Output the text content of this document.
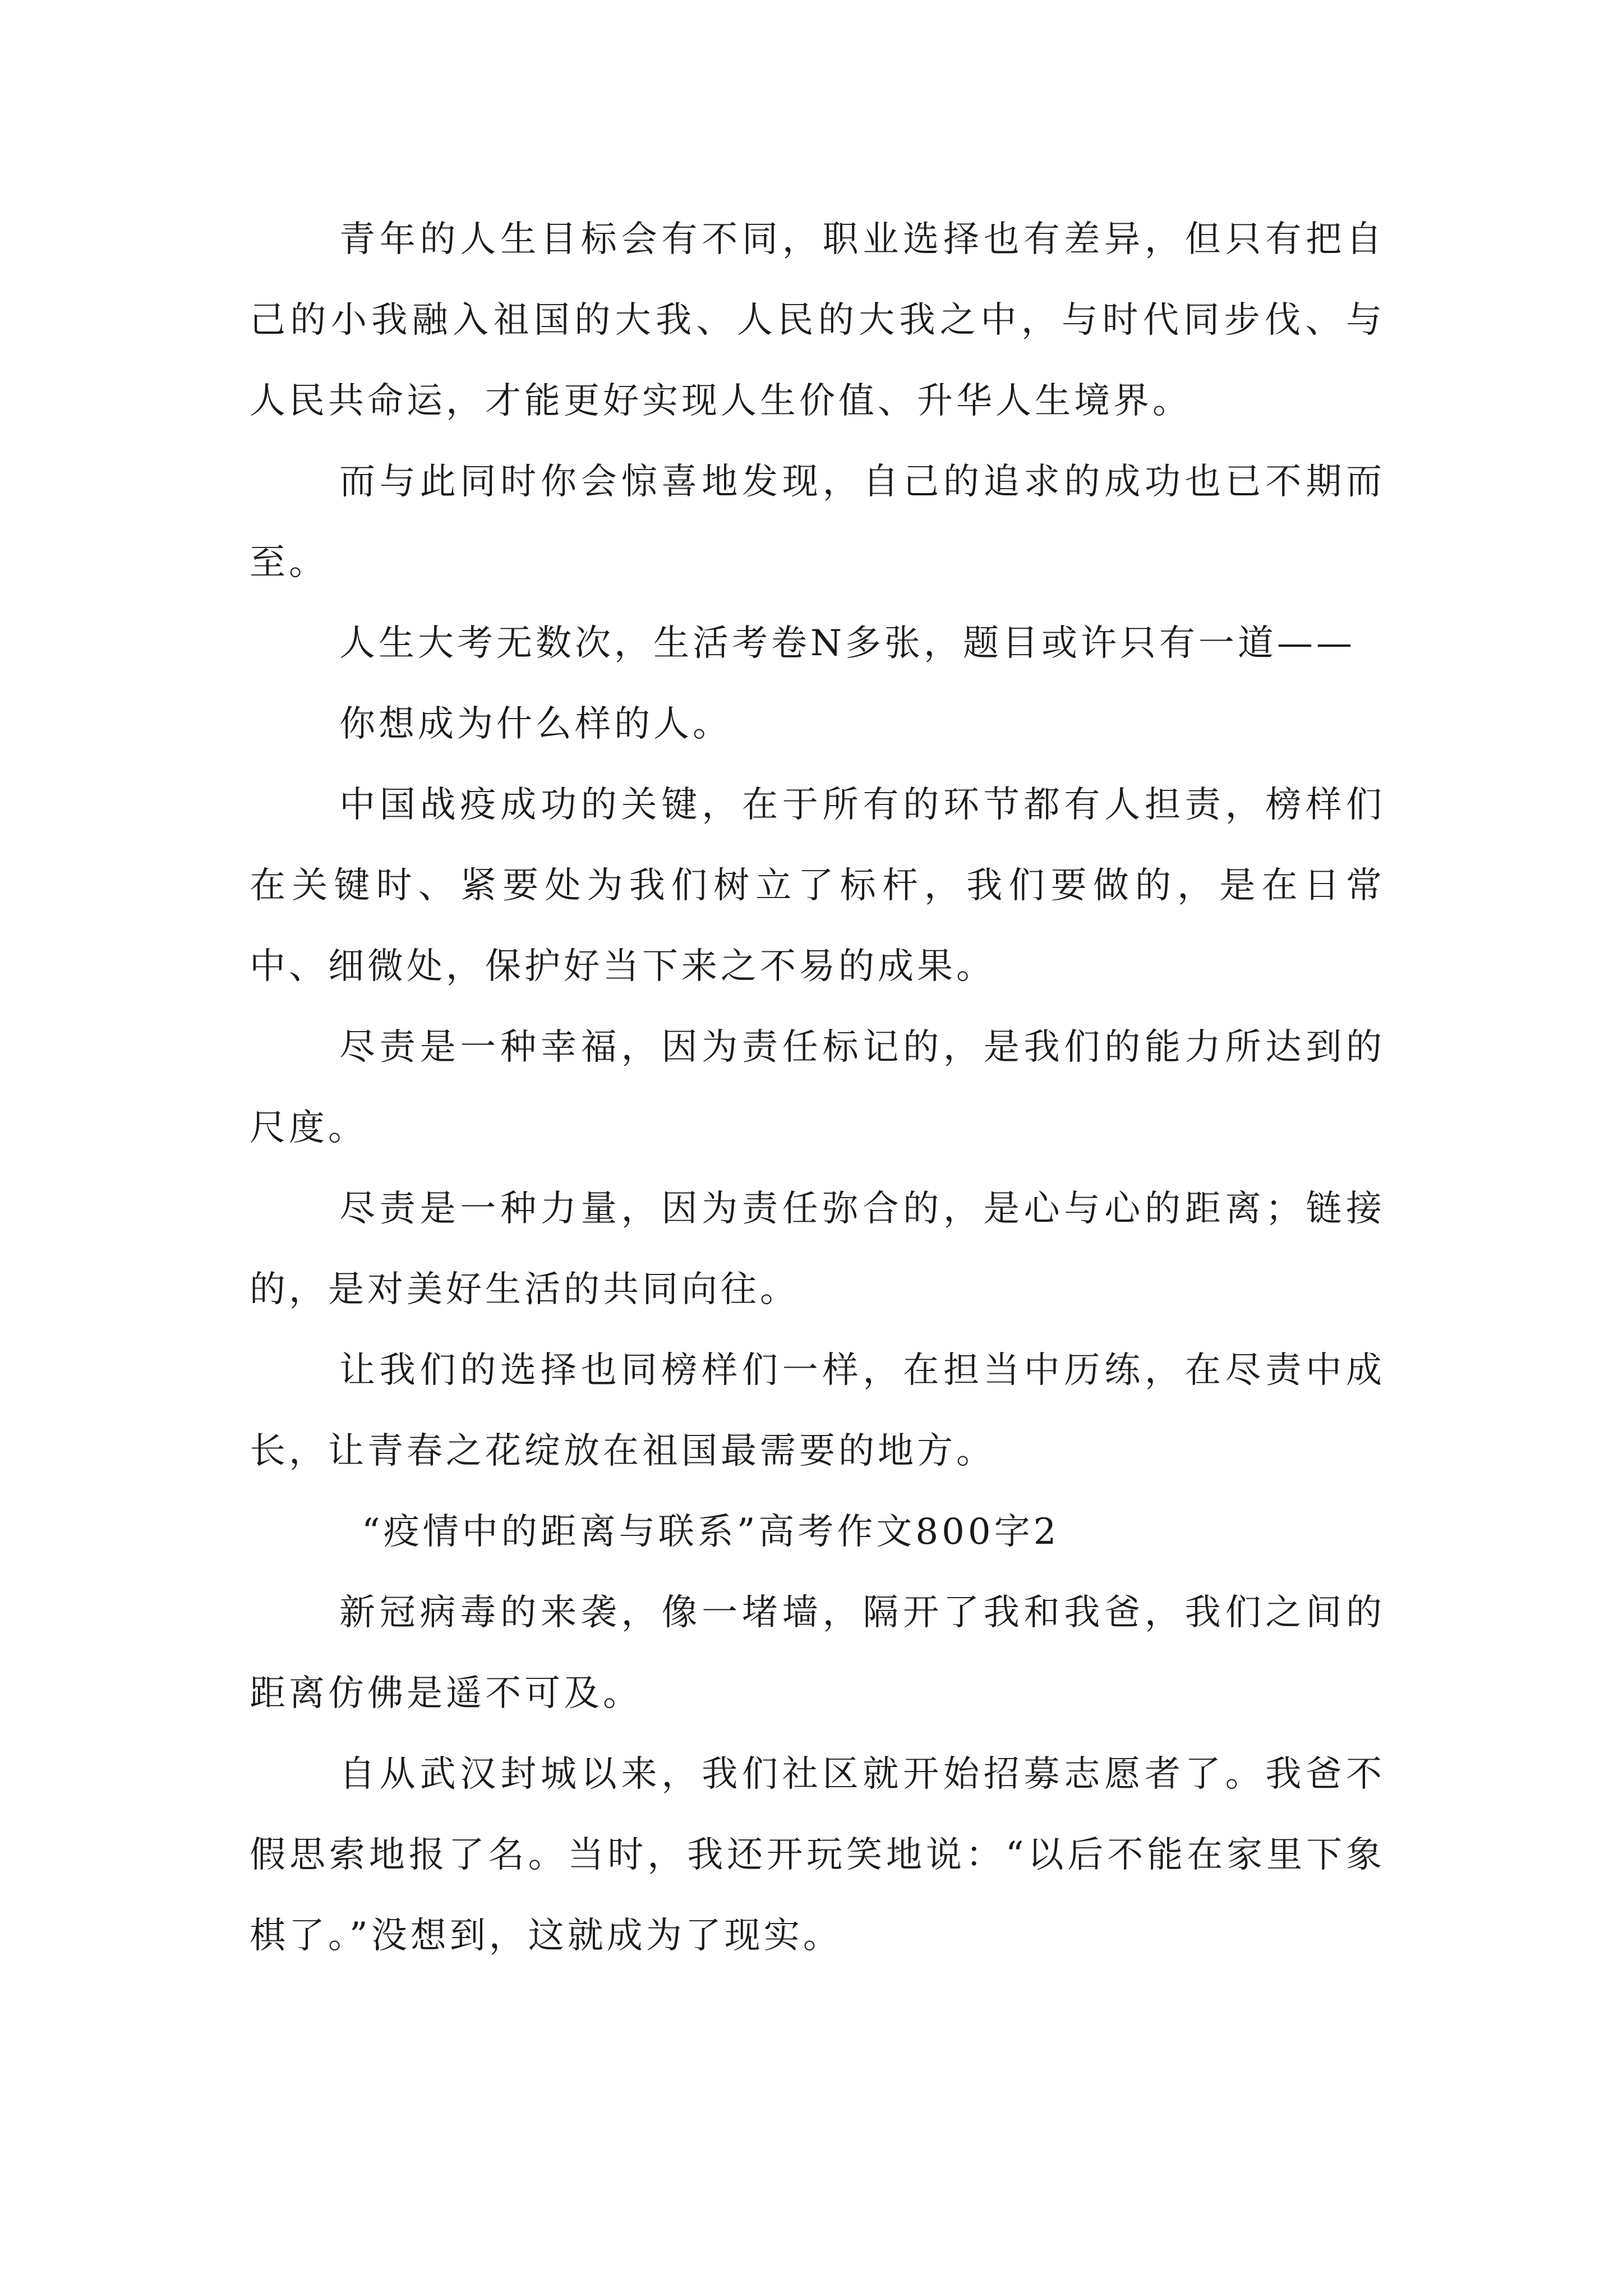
青年的人生目标会有不同，职业选择也有差异，但只有把自己的小我融入祖国的大我、人民的大我之中，与时代同步伐、与人民共命运，才能更好实现人生价值、升华人生境界。

而与此同时你会惊喜地发现，自己的追求的成功也已不期而至。

人生大考无数次，生活考卷N多张，题目或许只有一道——

你想成为什么样的人。

中国战疫成功的关键，在于所有的环节都有人担责，榜样们在关键时、紧要处为我们树立了标杆，我们要做的，是在日常中、细微处，保护好当下来之不易的成果。

尽责是一种幸福，因为责任标记的，是我们的能力所达到的尺度。

尽责是一种力量，因为责任弥合的，是心与心的距离；链接的，是对美好生活的共同向往。

让我们的选择也同榜样们一样，在担当中历练，在尽责中成长，让青春之花绽放在祖国最需要的地方。

“疫情中的距离与联系”高考作文800字2

新冠病毒的来袭，像一堵墙，隔开了我和我爸，我们之间的距离仿佛是遥不可及。

自从武汉封城以来，我们社区就开始招募志愿者了。我爸不假思索地报了名。当时，我还开玩笑地说：“以后不能在家里下象棋了。”没想到，这就成为了现实。
